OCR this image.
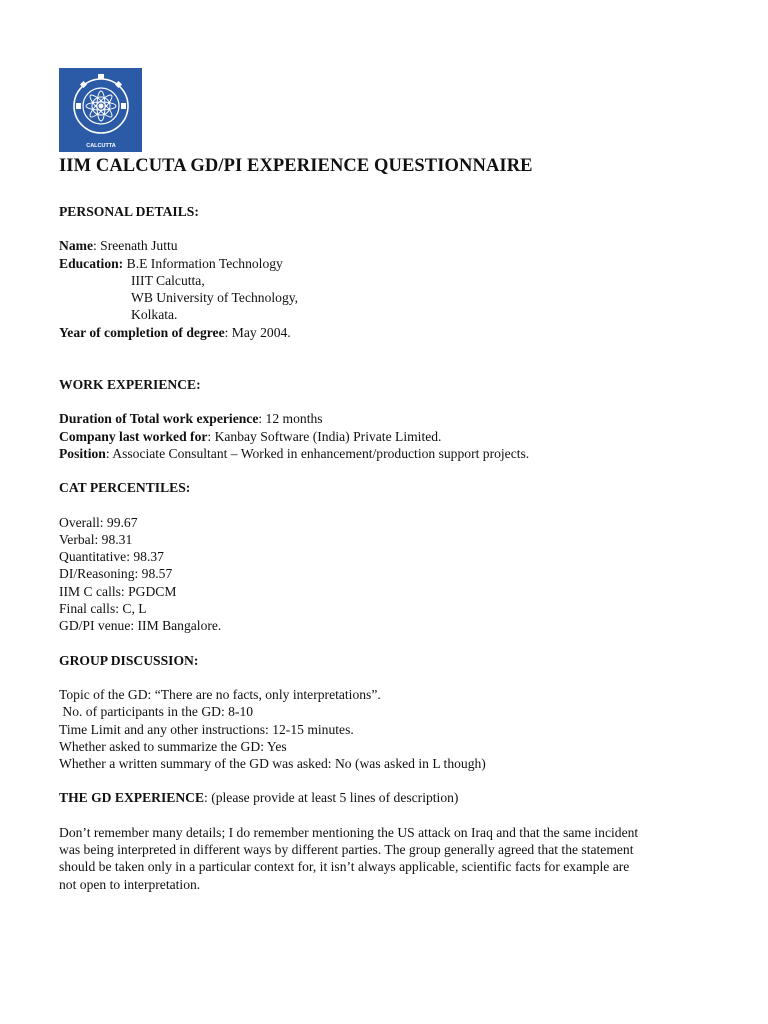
CALCUTTA
IIM CALCUTA GD/PI EXPERIENCE QUESTIONNAIRE

PERSONAL DETAILS:

Name: Sreenath Juttu

Education: B.E Information Technology

IIIT Calcutta,

WB University of Technology,

Kolkata.

Year of completion of degree: May 2004.

WORK EXPERIENCE:

Duration of Total work experience: 12 months

Company last worked for: Kanbay Software (India) Private Limited.

Position: Associate Consultant – Worked in enhancement/production support projects.

CAT PERCENTILES:

Overall: 99.67

Verbal: 98.31

Quantitative: 98.37

DI/Reasoning: 98.57

IIM C calls: PGDCM

Final calls: C, L

GD/PI venue: IIM Bangalore.

GROUP DISCUSSION:

Topic of the GD: “There are no facts, only interpretations”.

No. of participants in the GD: 8-10

Time Limit and any other instructions: 12-15 minutes.

Whether asked to summarize the GD: Yes

Whether a written summary of the GD was asked: No (was asked in L though)

THE GD EXPERIENCE: (please provide at least 5 lines of description)

Don’t remember many details; I do remember mentioning the US attack on Iraq and that the same incident

was being interpreted in different ways by different parties. The group generally agreed that the statement

should be taken only in a particular context for, it isn’t always applicable, scientific facts for example are

not open to interpretation.
